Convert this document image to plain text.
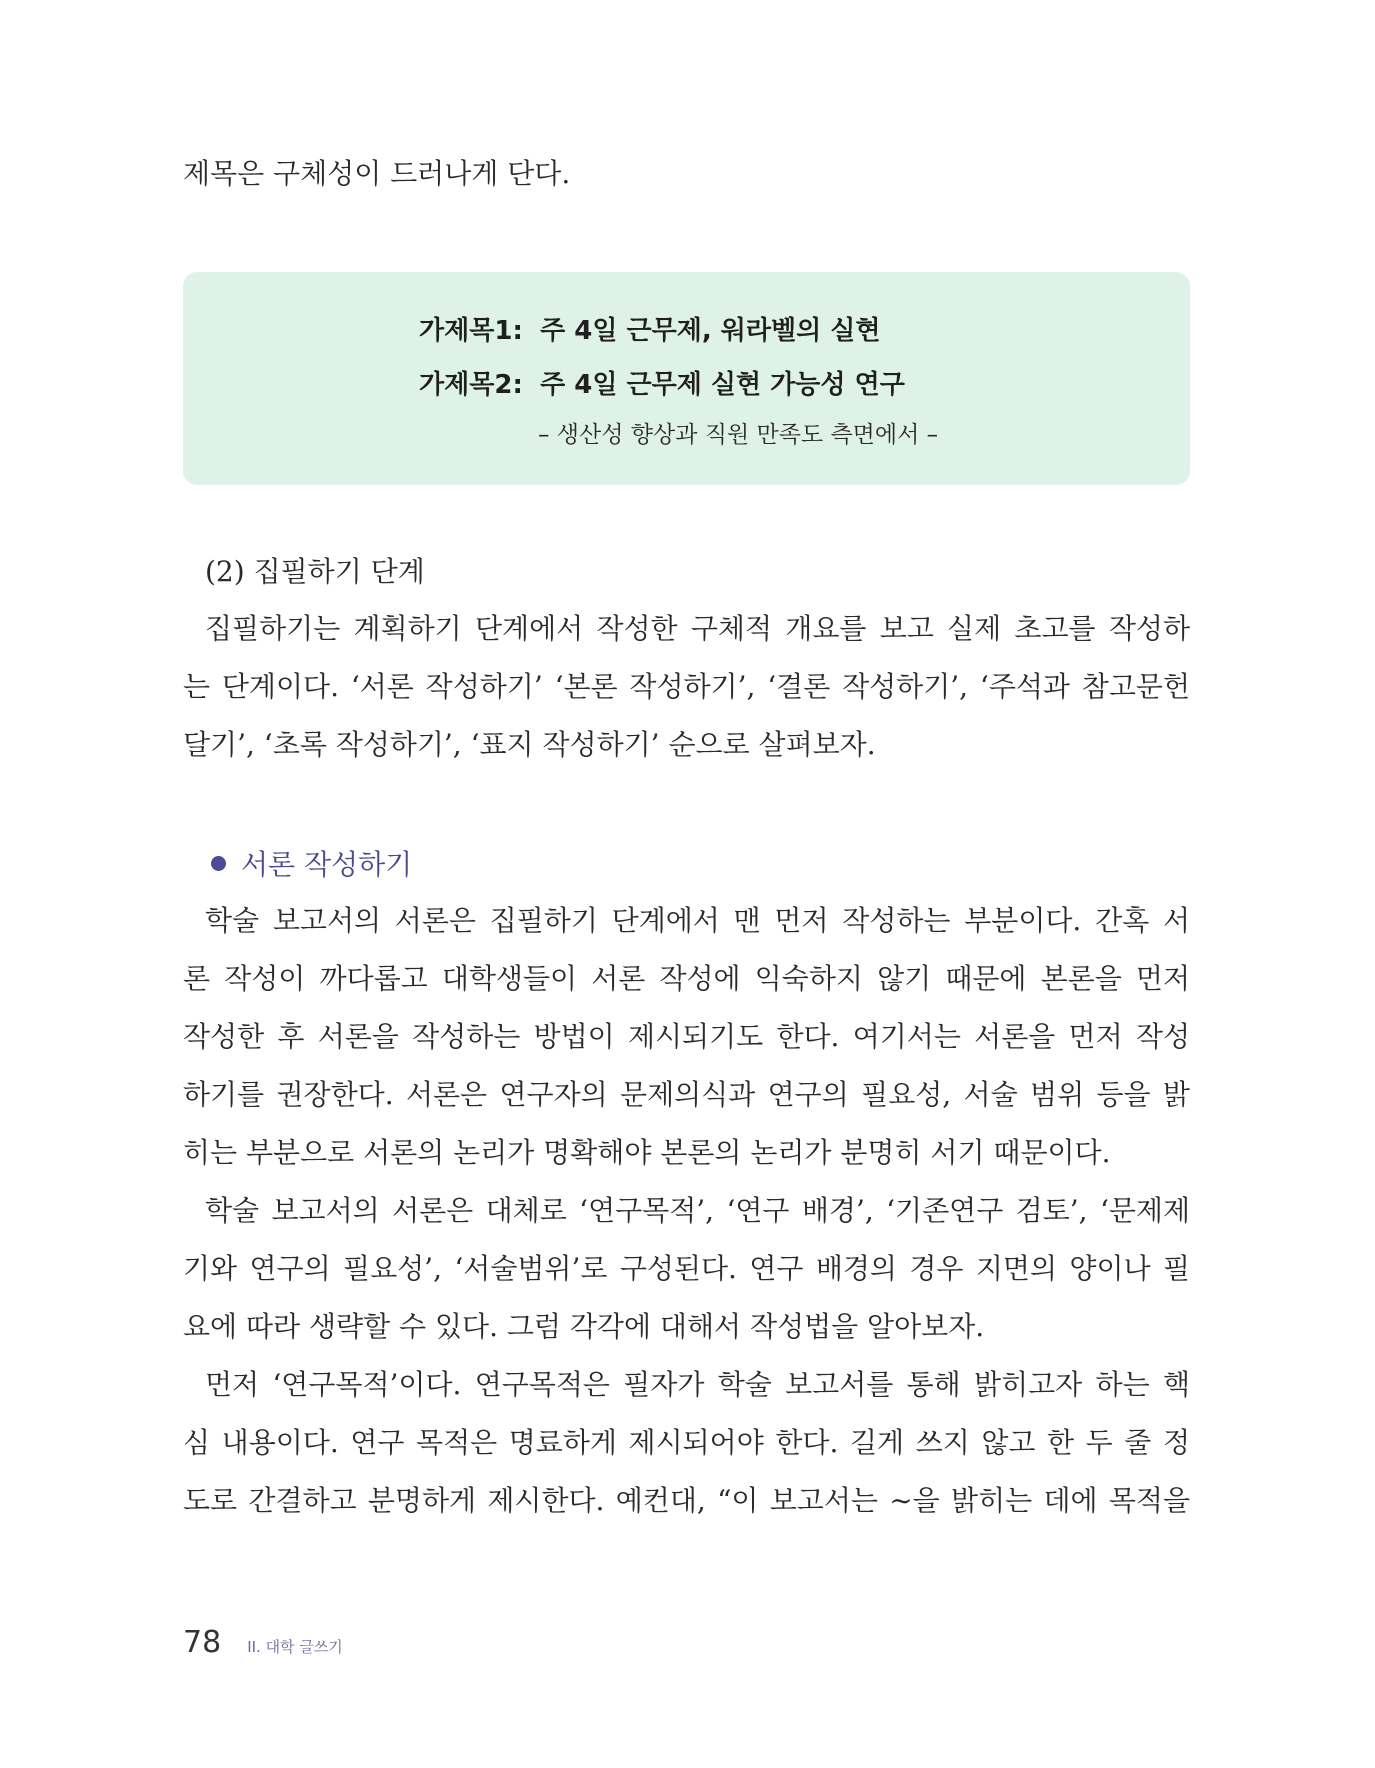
제목은 구체성이 드러나게 단다.
가제목1: 주 4일 근무제, 워라벨의 실현
가제목2: 주 4일 근무제 실현 가능성 연구
– 생산성 향상과 직원 만족도 측면에서 –
(2) 집필하기 단계
집필하기는 계획하기 단계에서 작성한 구체적 개요를 보고 실제 초고를 작성하
는 단계이다. ‘서론 작성하기’ ‘본론 작성하기’, ‘결론 작성하기’, ‘주석과 참고문헌
달기’, ‘초록 작성하기’, ‘표지 작성하기’ 순으로 살펴보자.
서론 작성하기
학술 보고서의 서론은 집필하기 단계에서 맨 먼저 작성하는 부분이다. 간혹 서
론 작성이 까다롭고 대학생들이 서론 작성에 익숙하지 않기 때문에 본론을 먼저
작성한 후 서론을 작성하는 방법이 제시되기도 한다. 여기서는 서론을 먼저 작성
하기를 권장한다. 서론은 연구자의 문제의식과 연구의 필요성, 서술 범위 등을 밝
히는 부분으로 서론의 논리가 명확해야 본론의 논리가 분명히 서기 때문이다.
학술 보고서의 서론은 대체로 ‘연구목적’, ‘연구 배경’, ‘기존연구 검토’, ‘문제제
기와 연구의 필요성’, ‘서술범위’로 구성된다. 연구 배경의 경우 지면의 양이나 필
요에 따라 생략할 수 있다. 그럼 각각에 대해서 작성법을 알아보자.
먼저 ‘연구목적’이다. 연구목적은 필자가 학술 보고서를 통해 밝히고자 하는 핵
심 내용이다. 연구 목적은 명료하게 제시되어야 한다. 길게 쓰지 않고 한 두 줄 정
도로 간결하고 분명하게 제시한다. 예컨대, “이 보고서는 ∼을 밝히는 데에 목적을
78 II. 대학 글쓰기
